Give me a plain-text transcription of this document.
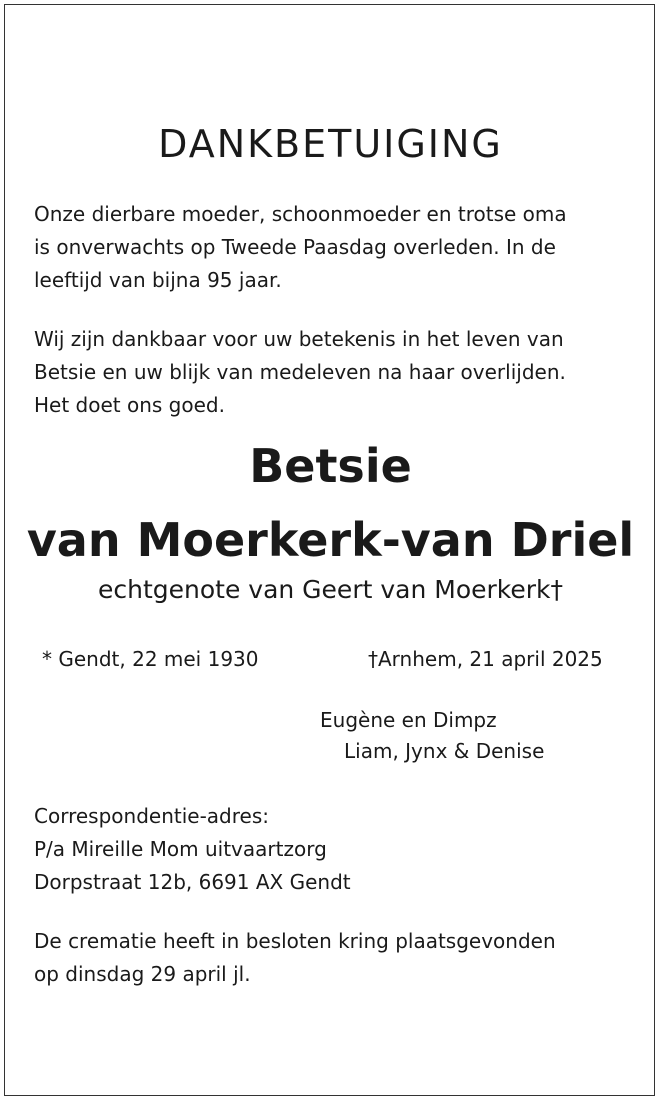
DANKBETUIGING

Onze dierbare moeder, schoonmoeder en trotse oma
is onverwachts op Tweede Paasdag overleden. In de
leeftijd van bijna 95 jaar.

Wij zijn dankbaar voor uw betekenis in het leven van
Betsie en uw blijk van medeleven na haar overlijden.
Het doet ons goed.

Betsie
van Moerkerk-van Driel

echtgenote van Geert van Moerkerk†

* Gendt, 22 mei 1930	†Arnhem, 21 april 2025
Eugène en Dimpz
Liam, Jynx & Denise

Correspondentie-adres:
P/a Mireille Mom uitvaartzorg
Dorpstraat 12b, 6691 AX Gendt

De crematie heeft in besloten kring plaatsgevonden
op dinsdag 29 april jl.
